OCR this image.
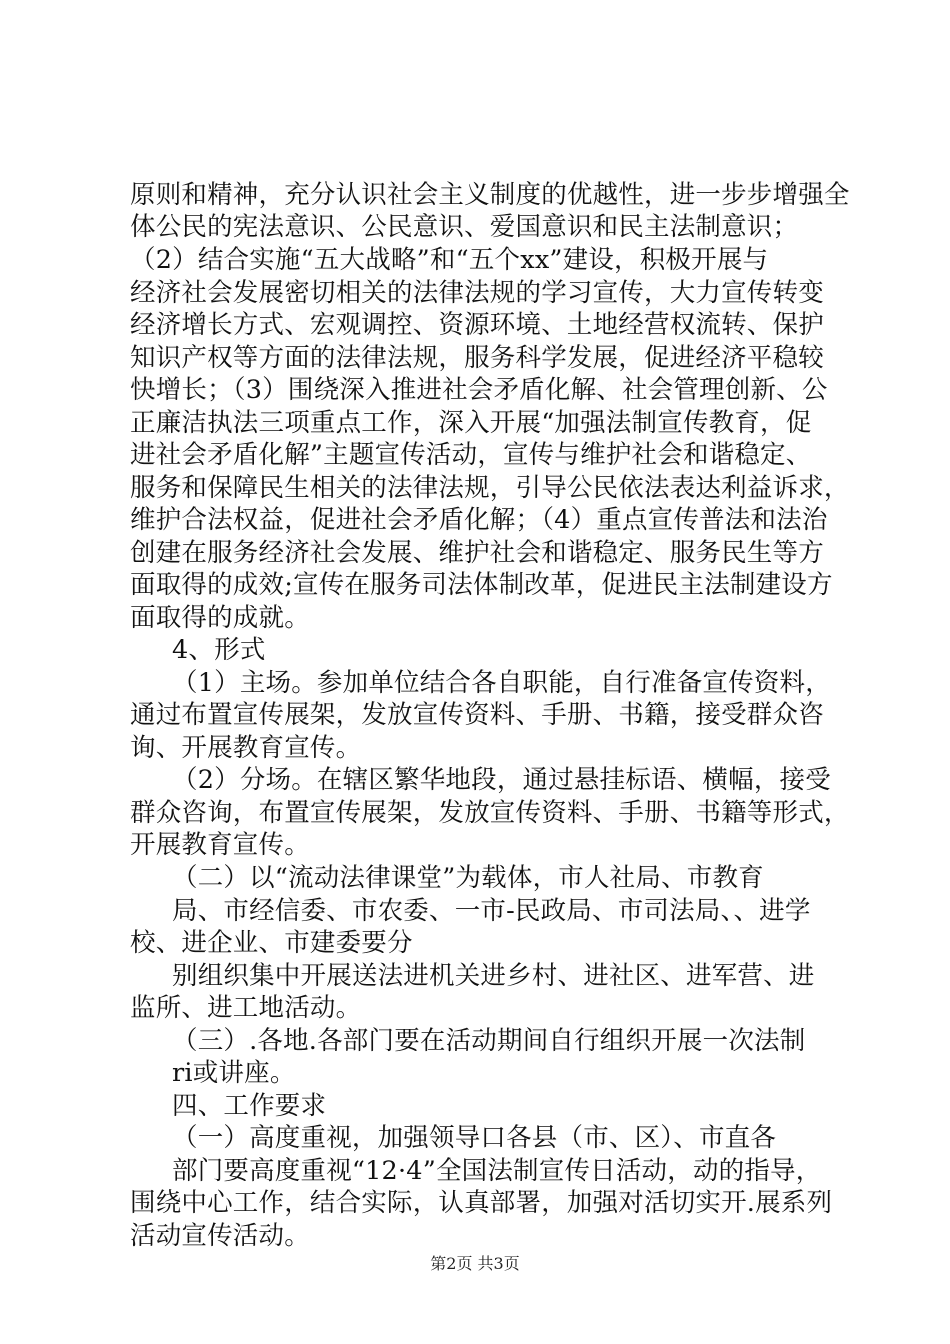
原则和精神，充分认识社会主义制度的优越性，进一步步增强全
体公民的宪法意识、公民意识、爱国意识和民主法制意识；
（2）结合实施“五大战略”和“五个xx”建设，积极开展与
经济社会发展密切相关的法律法规的学习宣传，大力宣传转变
经济增长方式、宏观调控、资源环境、土地经营权流转、保护
知识产权等方面的法律法规，服务科学发展，促进经济平稳较
快增长；（3）围绕深入推进社会矛盾化解、社会管理创新、公
正廉洁执法三项重点工作，深入开展“加强法制宣传教育，促
进社会矛盾化解”主题宣传活动，宣传与维护社会和谐稳定、
服务和保障民生相关的法律法规，引导公民依法表达利益诉求，
维护合法权益，促进社会矛盾化解；（4）重点宣传普法和法治
创建在服务经济社会发展、维护社会和谐稳定、服务民生等方
面取得的成效;宣传在服务司法体制改革，促进民主法制建设方
面取得的成就。
4、形式
（1）主场。参加单位结合各自职能，自行准备宣传资料，
通过布置宣传展架，发放宣传资料、手册、书籍，接受群众咨
询、开展教育宣传。
（2）分场。在辖区繁华地段，通过悬挂标语、横幅，接受
群众咨询，布置宣传展架，发放宣传资料、手册、书籍等形式，
开展教育宣传。
（二）以“流动法律课堂”为载体，市人社局、市教育
局、市经信委、市农委、一市-民政局、市司法局、、进学
校、进企业、市建委要分
别组织集中开展送法进机关进乡村、进社区、进军营、进
监所、进工地活动。
（三）.各地.各部门要在活动期间自行组织开展一次法制
ri或讲座。
四、工作要求
（一）高度重视，加强领导口各县（市、区）、市直各
部门要高度重视“12·4”全国法制宣传日活动，动的指导，
围绕中心工作，结合实际，认真部署，加强对活切实开.展系列
活动宣传活动。
第2页 共3页
